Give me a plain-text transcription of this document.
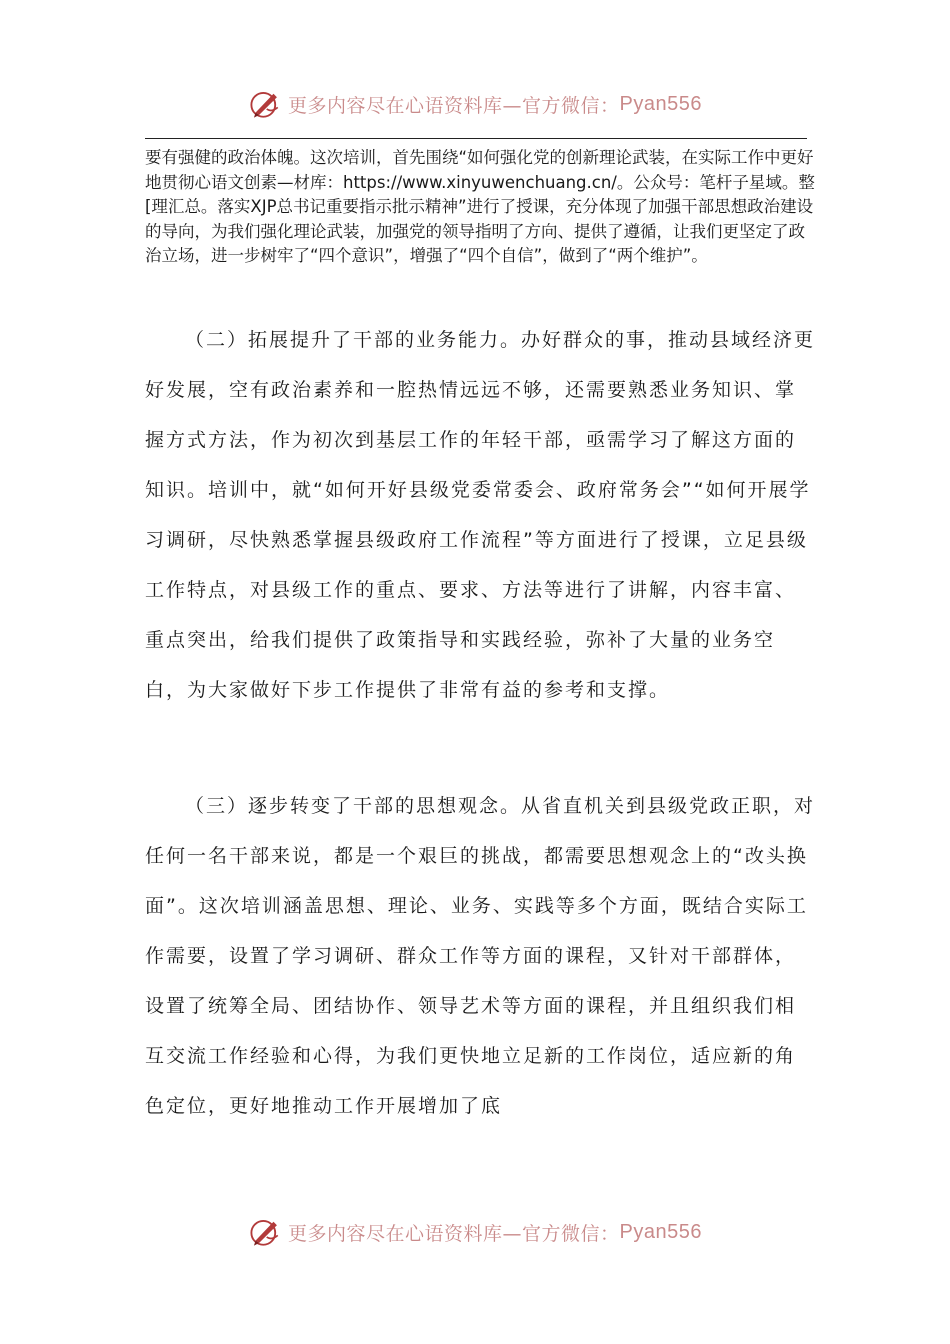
更多内容尽在心语资料库—官方微信： Pyan556

要有强健的政治体魄。这次培训，首先围绕“如何强化党的创新理论武装，在实际工作中更好地贯彻心语文创素—材库：https://www.xinyuwenchuang.cn/。公众号：笔杆子星域。整[理汇总。落实XJP总书记重要指示批示精神”进行了授课，充分体现了加强干部思想政治建设的导向，为我们强化理论武装，加强党的领导指明了方向、提供了遵循，让我们更坚定了政治立场，进一步树牢了“四个意识”，增强了“四个自信”，做到了“两个维护”。

（二）拓展提升了干部的业务能力。办好群众的事，推动县域经济更好发展，空有政治素养和一腔热情远远不够，还需要熟悉业务知识、掌握方式方法，作为初次到基层工作的年轻干部，亟需学习了解这方面的知识。培训中，就“如何开好县级党委常委会、政府常务会”“如何开展学习调研，尽快熟悉掌握县级政府工作流程”等方面进行了授课，立足县级工作特点，对县级工作的重点、要求、方法等进行了讲解，内容丰富、重点突出，给我们提供了政策指导和实践经验，弥补了大量的业务空白，为大家做好下步工作提供了非常有益的参考和支撑。

（三）逐步转变了干部的思想观念。从省直机关到县级党政正职，对任何一名干部来说，都是一个艰巨的挑战，都需要思想观念上的“改头换面”。这次培训涵盖思想、理论、业务、实践等多个方面，既结合实际工作需要，设置了学习调研、群众工作等方面的课程，又针对干部群体，设置了统筹全局、团结协作、领导艺术等方面的课程，并且组织我们相互交流工作经验和心得，为我们更快地立足新的工作岗位，适应新的角色定位，更好地推动工作开展增加了底

更多内容尽在心语资料库—官方微信： Pyan556
